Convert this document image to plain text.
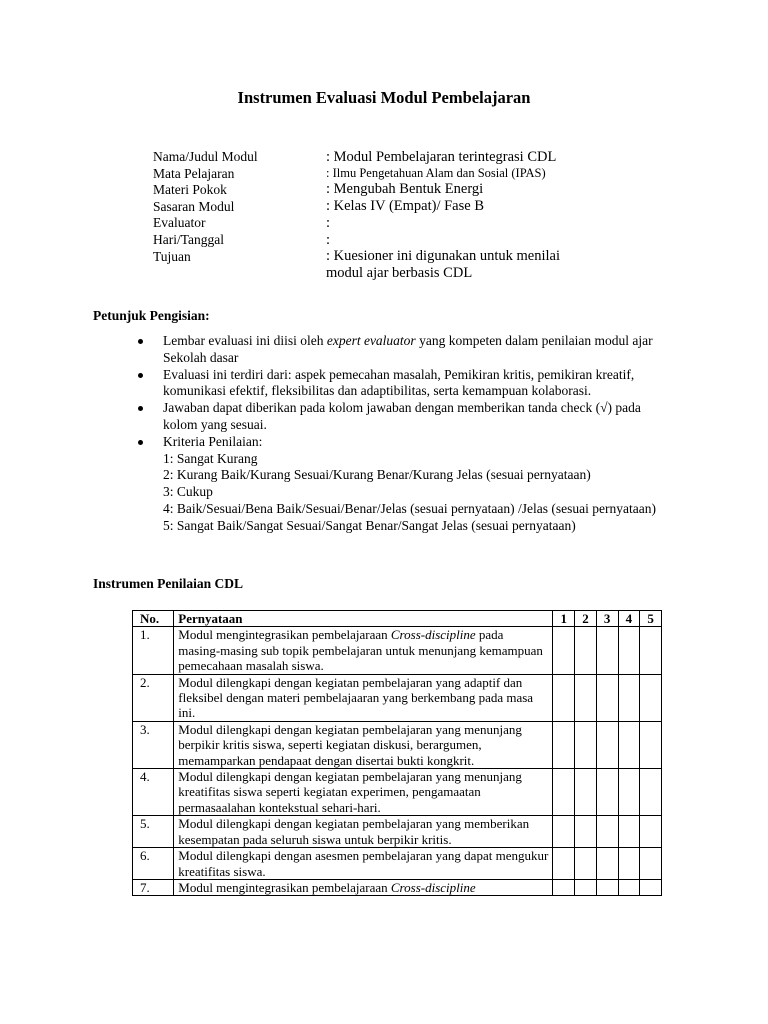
Instrumen Evaluasi Modul Pembelajaran
Nama/Judul Modul	: Modul Pembelajaran terintegrasi CDL
Mata Pelajaran	: Ilmu Pengetahuan Alam dan Sosial (IPAS)
Materi Pokok	: Mengubah Bentuk Energi
Sasaran Modul	: Kelas IV (Empat)/ Fase B
Evaluator	:
Hari/Tanggal	:
Tujuan	: Kuesioner ini digunakan untuk menilai
modul ajar berbasis CDL
Petunjuk Pengisian:
Lembar evaluasi ini diisi oleh expert evaluator yang kompeten dalam penilaian modul ajar Sekolah dasar
Evaluasi ini terdiri dari: aspek pemecahan masalah, Pemikiran kritis, pemikiran kreatif, komunikasi efektif, fleksibilitas dan adaptibilitas, serta kemampuan kolaborasi.
Jawaban dapat diberikan pada kolom jawaban dengan memberikan tanda check (√) pada kolom yang sesuai.
Kriteria Penilaian:
1: Sangat Kurang
2: Kurang Baik/Kurang Sesuai/Kurang Benar/Kurang Jelas (sesuai pernyataan)
3: Cukup
4: Baik/Sesuai/Bena Baik/Sesuai/Benar/Jelas (sesuai pernyataan) /Jelas (sesuai pernyataan)
5: Sangat Baik/Sangat Sesuai/Sangat Benar/Sangat Jelas (sesuai pernyataan)
Instrumen Penilaian CDL
No.	Pernyataan	1	2	3	4	5
1.	Modul mengintegrasikan pembelajaraan Cross-discipline pada masing-masing sub topik pembelajaran untuk menunjang kemampuan pemecahaan masalah siswa.					
2.	Modul dilengkapi dengan kegiatan pembelajaran yang adaptif dan fleksibel dengan materi pembelajaaran yang berkembang pada masa ini.					
3.	Modul dilengkapi dengan kegiatan pembelajaran yang menunjang berpikir kritis siswa, seperti kegiatan diskusi, berargumen, memamparkan pendapaat dengan disertai bukti kongkrit.					
4.	Modul dilengkapi dengan kegiatan pembelajaran yang menunjang kreatifitas siswa seperti kegiatan experimen, pengamaatan permasaalahan kontekstual sehari-hari.					
5.	Modul dilengkapi dengan kegiatan pembelajaran yang memberikan kesempatan pada seluruh siswa untuk berpikir kritis.					
6.	Modul dilengkapi dengan asesmen pembelajaran yang dapat mengukur kreatifitas siswa.					
7.	Modul mengintegrasikan pembelajaraan Cross-discipline					
